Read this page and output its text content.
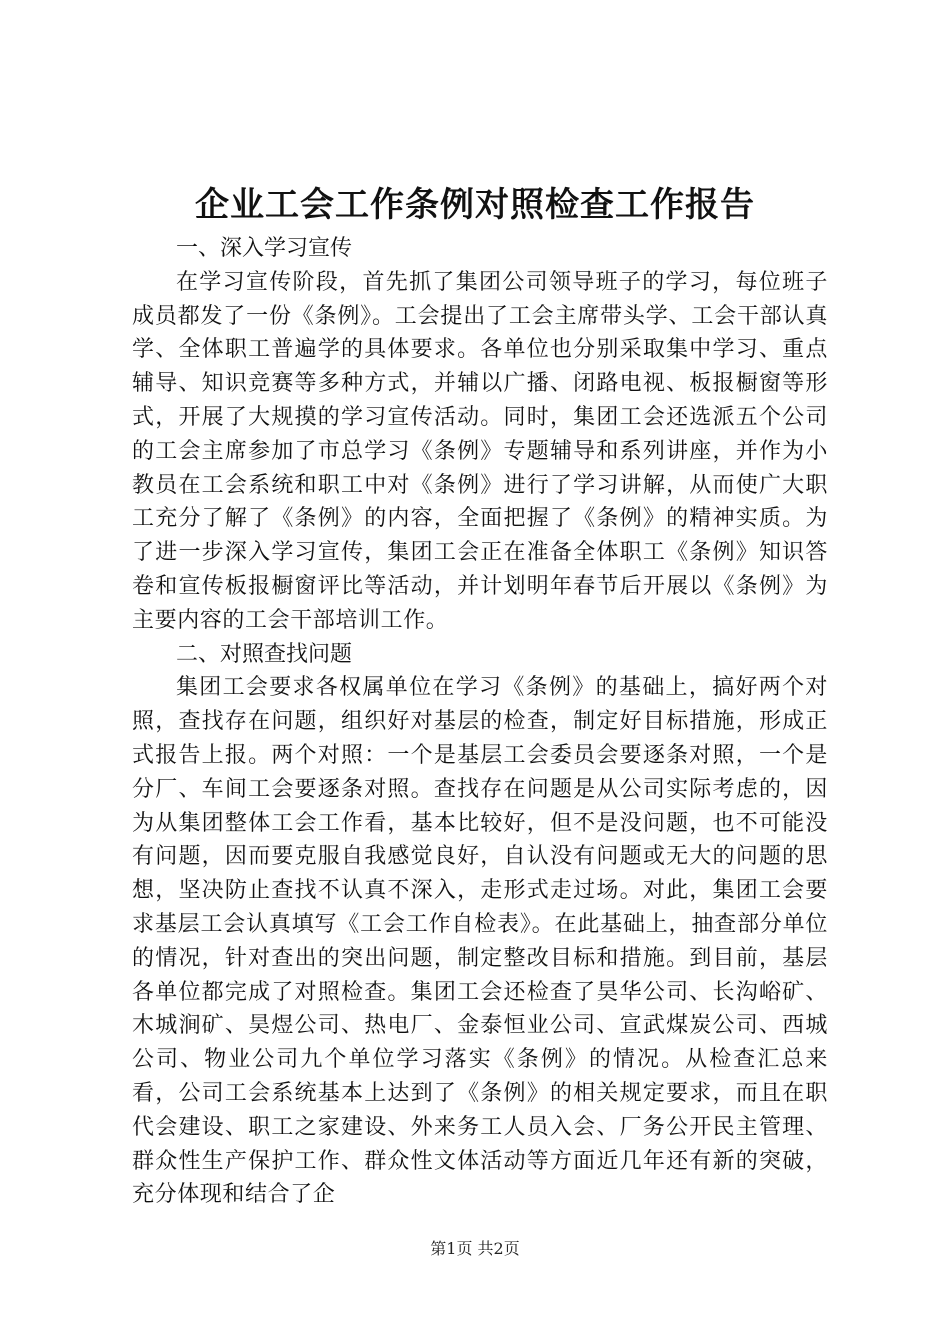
企业工会工作条例对照检查工作报告

一、深入学习宣传

在学习宣传阶段，首先抓了集团公司领导班子的学习，每位班子成员都发了一份《条例》。工会提出了工会主席带头学、工会干部认真学、全体职工普遍学的具体要求。各单位也分别采取集中学习、重点辅导、知识竞赛等多种方式，并辅以广播、闭路电视、板报橱窗等形式，开展了大规摸的学习宣传活动。同时，集团工会还选派五个公司的工会主席参加了市总学习《条例》专题辅导和系列讲座，并作为小教员在工会系统和职工中对《条例》进行了学习讲解，从而使广大职工充分了解了《条例》的内容，全面把握了《条例》的精神实质。为了进一步深入学习宣传，集团工会正在准备全体职工《条例》知识答卷和宣传板报橱窗评比等活动，并计划明年春节后开展以《条例》为主要内容的工会干部培训工作。

二、对照查找问题

集团工会要求各权属单位在学习《条例》的基础上，搞好两个对照，查找存在问题，组织好对基层的检查，制定好目标措施，形成正式报告上报。两个对照：一个是基层工会委员会要逐条对照，一个是分厂、车间工会要逐条对照。查找存在问题是从公司实际考虑的，因为从集团整体工会工作看，基本比较好，但不是没问题，也不可能没有问题，因而要克服自我感觉良好，自认没有问题或无大的问题的思想，坚决防止查找不认真不深入，走形式走过场。对此，集团工会要求基层工会认真填写《工会工作自检表》。在此基础上，抽查部分单位的情况，针对查出的突出问题，制定整改目标和措施。到目前，基层各单位都完成了对照检查。集团工会还检查了昊华公司、长沟峪矿、木城涧矿、昊煜公司、热电厂、金泰恒业公司、宣武煤炭公司、西城公司、物业公司九个单位学习落实《条例》的情况。从检查汇总来看，公司工会系统基本上达到了《条例》的相关规定要求，而且在职代会建设、职工之家建设、外来务工人员入会、厂务公开民主管理、群众性生产保护工作、群众性文体活动等方面近几年还有新的突破，充分体现和结合了企

第1页 共2页
